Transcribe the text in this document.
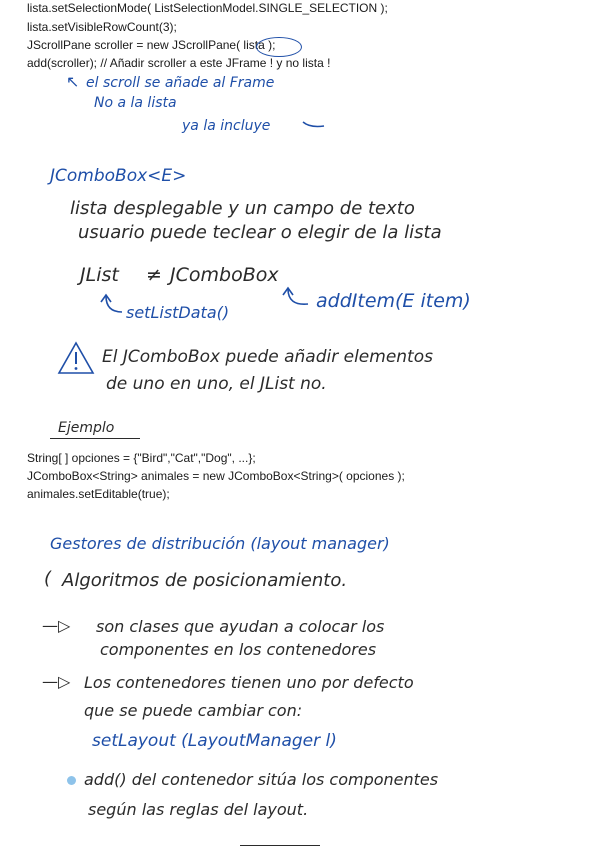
lista.setSelectionMode( ListSelectionModel.SINGLE_SELECTION );
lista.setVisibleRowCount(3);
JScrollPane scroller = new JScrollPane( lista );
add(scroller); // Añadir scroller a este JFrame ! y no lista !
↖ el scroll se añade al Frame
No a la lista
ya la incluye
JComboBox<E>
lista desplegable y un campo de texto
usuario puede teclear o elegir de la lista
JList ≠ JComboBox
setListData()
addItem(E item)
El JComboBox puede añadir elementos
de uno en uno, el JList no.
Ejemplo
String[ ] opciones = {"Bird","Cat","Dog", ...};
JComboBox<String> animales = new JComboBox<String>( opciones );
animales.setEditable(true);
Gestores de distribución (layout manager)
( Algoritmos de posicionamiento.
—▷ son clases que ayudan a colocar los
componentes en los contenedores
—▷ Los contenedores tienen uno por defecto
que se puede cambiar con:
setLayout (LayoutManager l)
add() del contenedor sitúa los componentes
según las reglas del layout.
